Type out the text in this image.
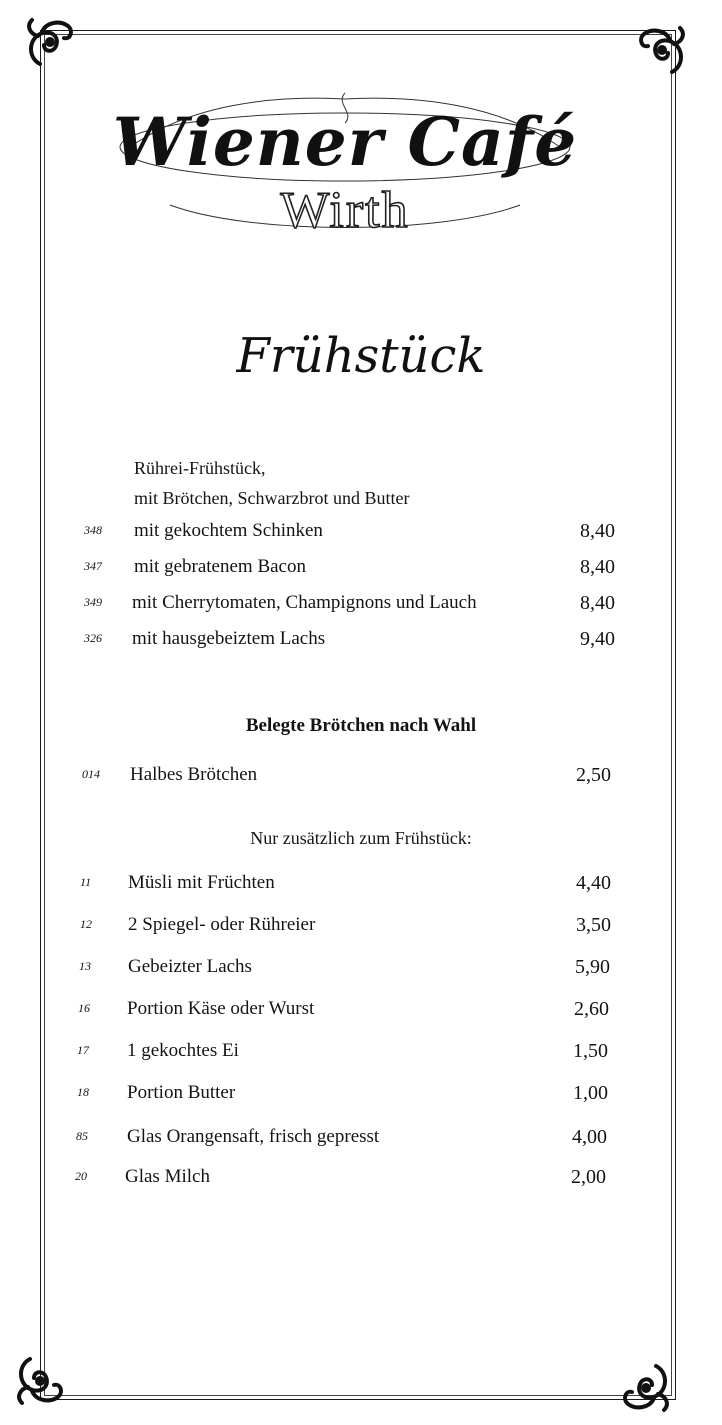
Wiener Café
Wirth
Frühstück
Rührei-Frühstück,
mit Brötchen, Schwarzbrot und Butter
348 mit gekochtem Schinken	8,40
347 mit gebratenem Bacon	8,40
349 mit Cherrytomaten, Champignons und Lauch	8,40
326 mit hausgebeiztem Lachs	9,40
Belegte Brötchen nach Wahl
014 Halbes Brötchen	2,50
Nur zusätzlich zum Frühstück:
11 Müsli mit Früchten	4,40
12 2 Spiegel- oder Rühreier	3,50
13 Gebeizter Lachs	5,90
16 Portion Käse oder Wurst	2,60
17 1 gekochtes Ei	1,50
18 Portion Butter	1,00
85 Glas Orangensaft, frisch gepresst	4,00
20 Glas Milch	2,00
